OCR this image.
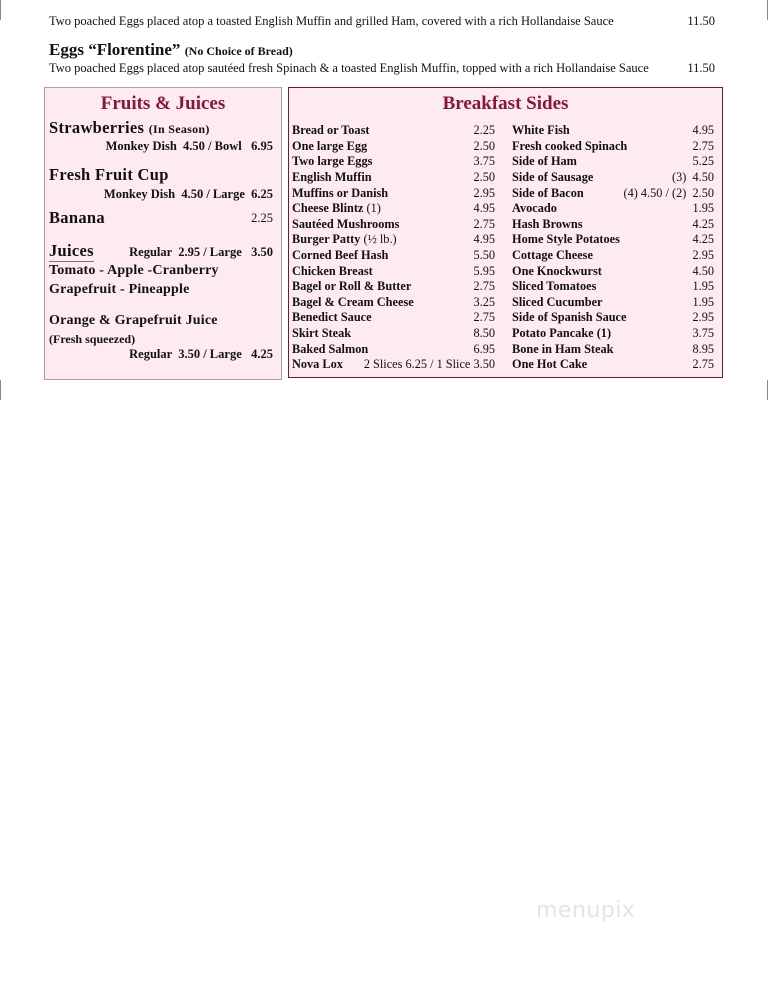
Two poached Eggs placed atop a toasted English Muffin and grilled Ham, covered with a rich Hollandaise Sauce	11.50
Eggs “Florentine” (No Choice of Bread)
Two poached Eggs placed atop sautéed fresh Spinach & a toasted English Muffin, topped with a rich Hollandaise Sauce	11.50
Fruits & Juices
Strawberries (In Season)
Monkey Dish  4.50 / Bowl   6.95
Fresh Fruit Cup
Monkey Dish  4.50 / Large  6.25
Banana	2.25
Juices	Regular  2.95 / Large   3.50
Tomato - Apple -Cranberry
Grapefruit - Pineapple
Orange & Grapefruit Juice
(Fresh squeezed)
Regular  3.50 / Large   4.25
Breakfast Sides
Bread or Toast	2.25
One large Egg	2.50
Two large Eggs	3.75
English Muffin	2.50
Muffins or Danish	2.95
Cheese Blintz (1)	4.95
Sautéed Mushrooms	2.75
Burger Patty (½ lb.)	4.95
Corned Beef Hash	5.50
Chicken Breast	5.95
Bagel or Roll & Butter	2.75
Bagel & Cream Cheese	3.25
Benedict Sauce	2.75
Skirt Steak	8.50
Baked Salmon	6.95
Nova Lox 2 Slices 6.25 / 1 Slice 3.50
White Fish	4.95
Fresh cooked Spinach	2.75
Side of Ham	5.25
Side of Sausage	(3)  4.50
Side of Bacon	(4) 4.50 / (2)  2.50
Avocado	1.95
Hash Browns	4.25
Home Style Potatoes	4.25
Cottage Cheese	2.95
One Knockwurst	4.50
Sliced Tomatoes	1.95
Sliced Cucumber	1.95
Side of Spanish Sauce	2.95
Potato Pancake (1)	3.75
Bone in Ham Steak	8.95
One Hot Cake	2.75
menupix
